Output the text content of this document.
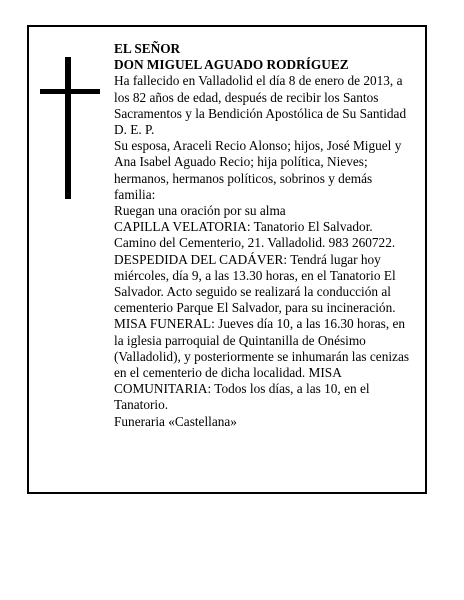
EL SEÑOR

DON MIGUEL AGUADO RODRÍGUEZ

Ha fallecido en Valladolid el día 8 de enero de 2013, a los 82 años de edad, después de recibir los Santos Sacramentos y la Bendición Apostólica de Su Santidad D. E. P.

Su esposa, Araceli Recio Alonso; hijos, José Miguel y Ana Isabel Aguado Recio; hija política, Nieves; hermanos, hermanos políticos, sobrinos y demás familia:

Ruegan una oración por su alma

CAPILLA VELATORIA: Tanatorio El Salvador. Camino del Cementerio, 21. Valladolid. 983 260722. DESPEDIDA DEL CADÁVER: Tendrá lugar hoy miércoles, día 9, a las 13.30 horas, en el Tanatorio El Salvador. Acto seguido se realizará la conducción al cementerio Parque El Salvador, para su incineración. MISA FUNERAL: Jueves día 10, a las 16.30 horas, en la iglesia parroquial de Quintanilla de Onésimo (Valladolid), y posteriormente se inhumarán las cenizas en el cementerio de dicha localidad. MISA COMUNITARIA: Todos los días, a las 10, en el Tanatorio.

Funeraria «Castellana»
